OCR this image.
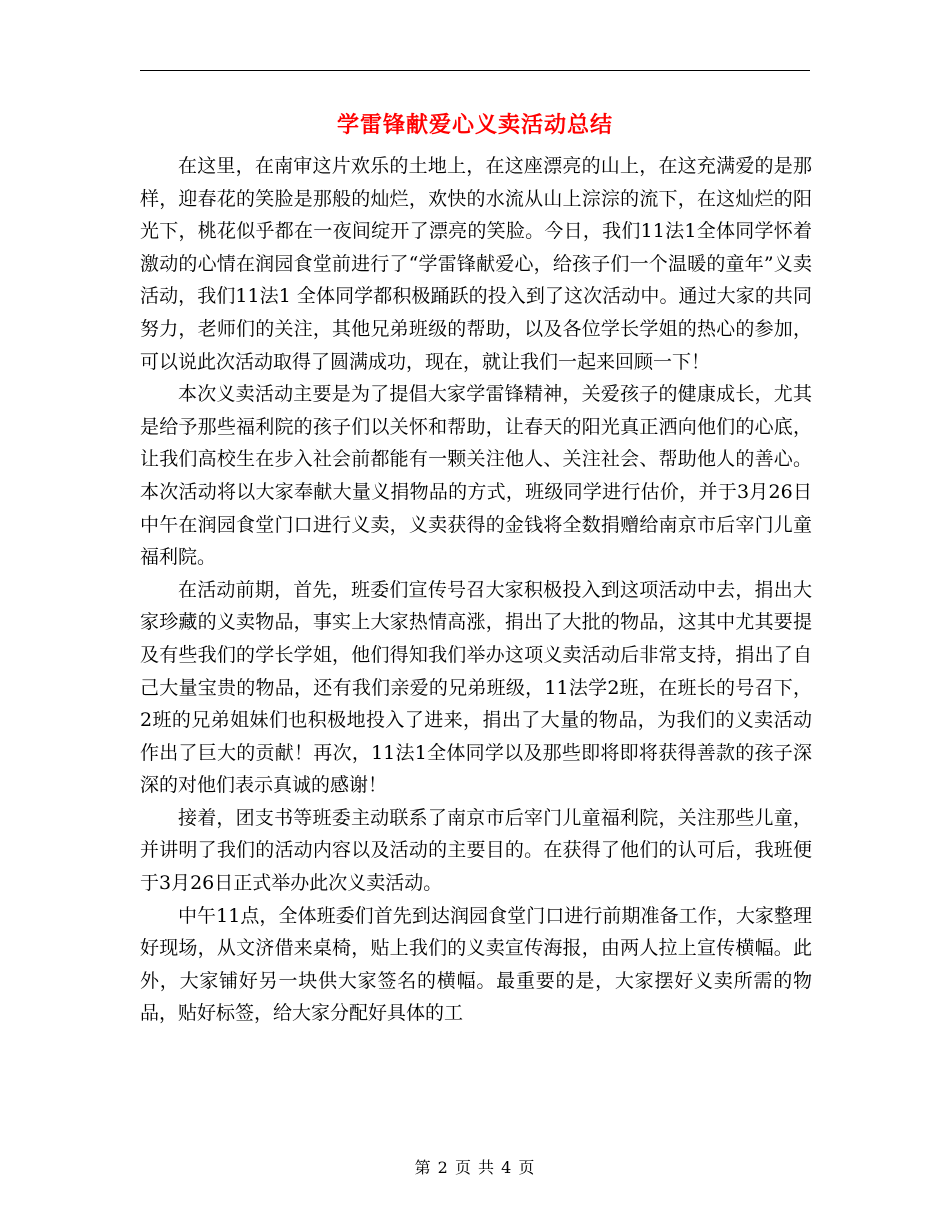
学雷锋献爱心义卖活动总结

在这里，在南审这片欢乐的土地上，在这座漂亮的山上，在这充满爱的是那样，迎春花的笑脸是那般的灿烂，欢快的水流从山上淙淙的流下，在这灿烂的阳光下，桃花似乎都在一夜间绽开了漂亮的笑脸。今日，我们11法1全体同学怀着激动的心情在润园食堂前进行了“学雷锋献爱心，给孩子们一个温暖的童年”义卖活动，我们11法1 全体同学都积极踊跃的投入到了这次活动中。通过大家的共同努力，老师们的关注，其他兄弟班级的帮助，以及各位学长学姐的热心的参加，可以说此次活动取得了圆满成功，现在，就让我们一起来回顾一下！

本次义卖活动主要是为了提倡大家学雷锋精神，关爱孩子的健康成长，尤其是给予那些福利院的孩子们以关怀和帮助，让春天的阳光真正洒向他们的心底，让我们高校生在步入社会前都能有一颗关注他人、关注社会、帮助他人的善心。本次活动将以大家奉献大量义捐物品的方式，班级同学进行估价，并于3月26日中午在润园食堂门口进行义卖，义卖获得的金钱将全数捐赠给南京市后宰门儿童福利院。

在活动前期，首先，班委们宣传号召大家积极投入到这项活动中去，捐出大家珍藏的义卖物品，事实上大家热情高涨，捐出了大批的物品，这其中尤其要提及有些我们的学长学姐，他们得知我们举办这项义卖活动后非常支持，捐出了自己大量宝贵的物品，还有我们亲爱的兄弟班级，11法学2班，在班长的号召下，2班的兄弟姐妹们也积极地投入了进来，捐出了大量的物品，为我们的义卖活动作出了巨大的贡献！再次，11法1全体同学以及那些即将即将获得善款的孩子深深的对他们表示真诚的感谢！

接着，团支书等班委主动联系了南京市后宰门儿童福利院，关注那些儿童，并讲明了我们的活动内容以及活动的主要目的。在获得了他们的认可后，我班便于3月26日正式举办此次义卖活动。

中午11点，全体班委们首先到达润园食堂门口进行前期准备工作，大家整理好现场，从文济借来桌椅，贴上我们的义卖宣传海报，由两人拉上宣传横幅。此外，大家铺好另一块供大家签名的横幅。最重要的是，大家摆好义卖所需的物品，贴好标签，给大家分配好具体的工

第 2 页 共 4 页
